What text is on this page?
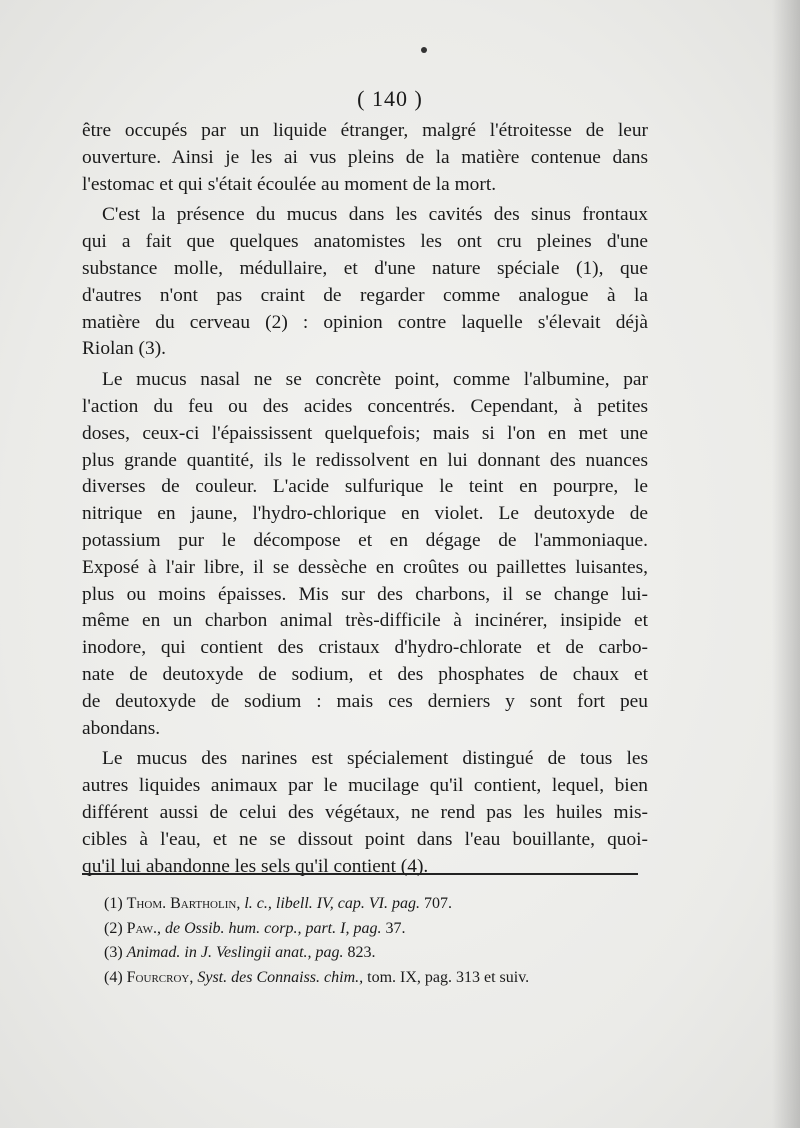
( 140 )
être occupés par un liquide étranger, malgré l'étroitesse de leur
ouverture. Ainsi je les ai vus pleins de la matière contenue dans
l'estomac et qui s'était écoulée au moment de la mort.
C'est la présence du mucus dans les cavités des sinus frontaux
qui a fait que quelques anatomistes les ont cru pleines d'une
substance molle, médullaire, et d'une nature spéciale (1), que
d'autres n'ont pas craint de regarder comme analogue à la
matière du cerveau (2) : opinion contre laquelle s'élevait déjà
Riolan (3).
Le mucus nasal ne se concrète point, comme l'albumine, par
l'action du feu ou des acides concentrés. Cependant, à petites
doses, ceux-ci l'épaississent quelquefois; mais si l'on en met une
plus grande quantité, ils le redissolvent en lui donnant des nuances
diverses de couleur. L'acide sulfurique le teint en pourpre, le
nitrique en jaune, l'hydro-chlorique en violet. Le deutoxyde de
potassium pur le décompose et en dégage de l'ammoniaque.
Exposé à l'air libre, il se dessèche en croûtes ou paillettes luisantes,
plus ou moins épaisses. Mis sur des charbons, il se change lui-
même en un charbon animal très-difficile à incinérer, insipide et
inodore, qui contient des cristaux d'hydro-chlorate et de carbo-
nate de deutoxyde de sodium, et des phosphates de chaux et
de deutoxyde de sodium : mais ces derniers y sont fort peu
abondans.
Le mucus des narines est spécialement distingué de tous les
autres liquides animaux par le mucilage qu'il contient, lequel, bien
différent aussi de celui des végétaux, ne rend pas les huiles mis-
cibles à l'eau, et ne se dissout point dans l'eau bouillante, quoi-
qu'il lui abandonne les sels qu'il contient (4).
(1) Thom. Bartholin, l. c., libell. IV, cap. VI. pag. 707.
(2) Paw., de Ossib. hum. corp., part. I, pag. 37.
(3) Animad. in J. Veslingii anat., pag. 823.
(4) Fourcroy, Syst. des Connaiss. chim., tom. IX, pag. 313 et suiv.
